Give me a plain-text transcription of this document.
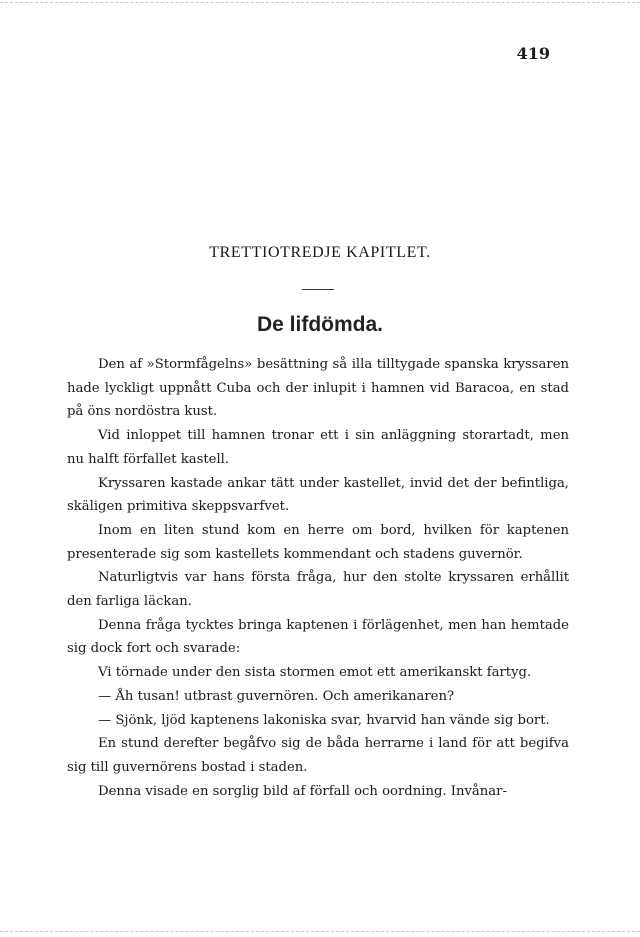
419
TRETTIOTREDJE KAPITLET.
De lifdömda.

Den af »Stormfågelns» besättning så illa tilltygade spanska kryssaren hade lyckligt uppnått Cuba och der inlupit i hamnen vid Baracoa, en stad på öns nordöstra kust.

Vid inloppet till hamnen tronar ett i sin anläggning storartadt, men nu halft förfallet kastell.

Kryssaren kastade ankar tätt under kastellet, invid det der befintliga, skäligen primitiva skeppsvarfvet.

Inom en liten stund kom en herre om bord, hvilken för kaptenen presenterade sig som kastellets kommendant och stadens guvernör.

Naturligtvis var hans första fråga, hur den stolte kryssaren erhållit den farliga läckan.

Denna fråga tycktes bringa kaptenen i förlägenhet, men han hemtade sig dock fort och svarade:

Vi törnade under den sista stormen emot ett amerikanskt fartyg.

— Åh tusan! utbrast guvernören. Och amerikanaren?

— Sjönk, ljöd kaptenens lakoniska svar, hvarvid han vände sig bort.

En stund derefter begåfvo sig de båda herrarne i land för att begifva sig till guvernörens bostad i staden.

Denna visade en sorglig bild af förfall och oordning. Invånar-
